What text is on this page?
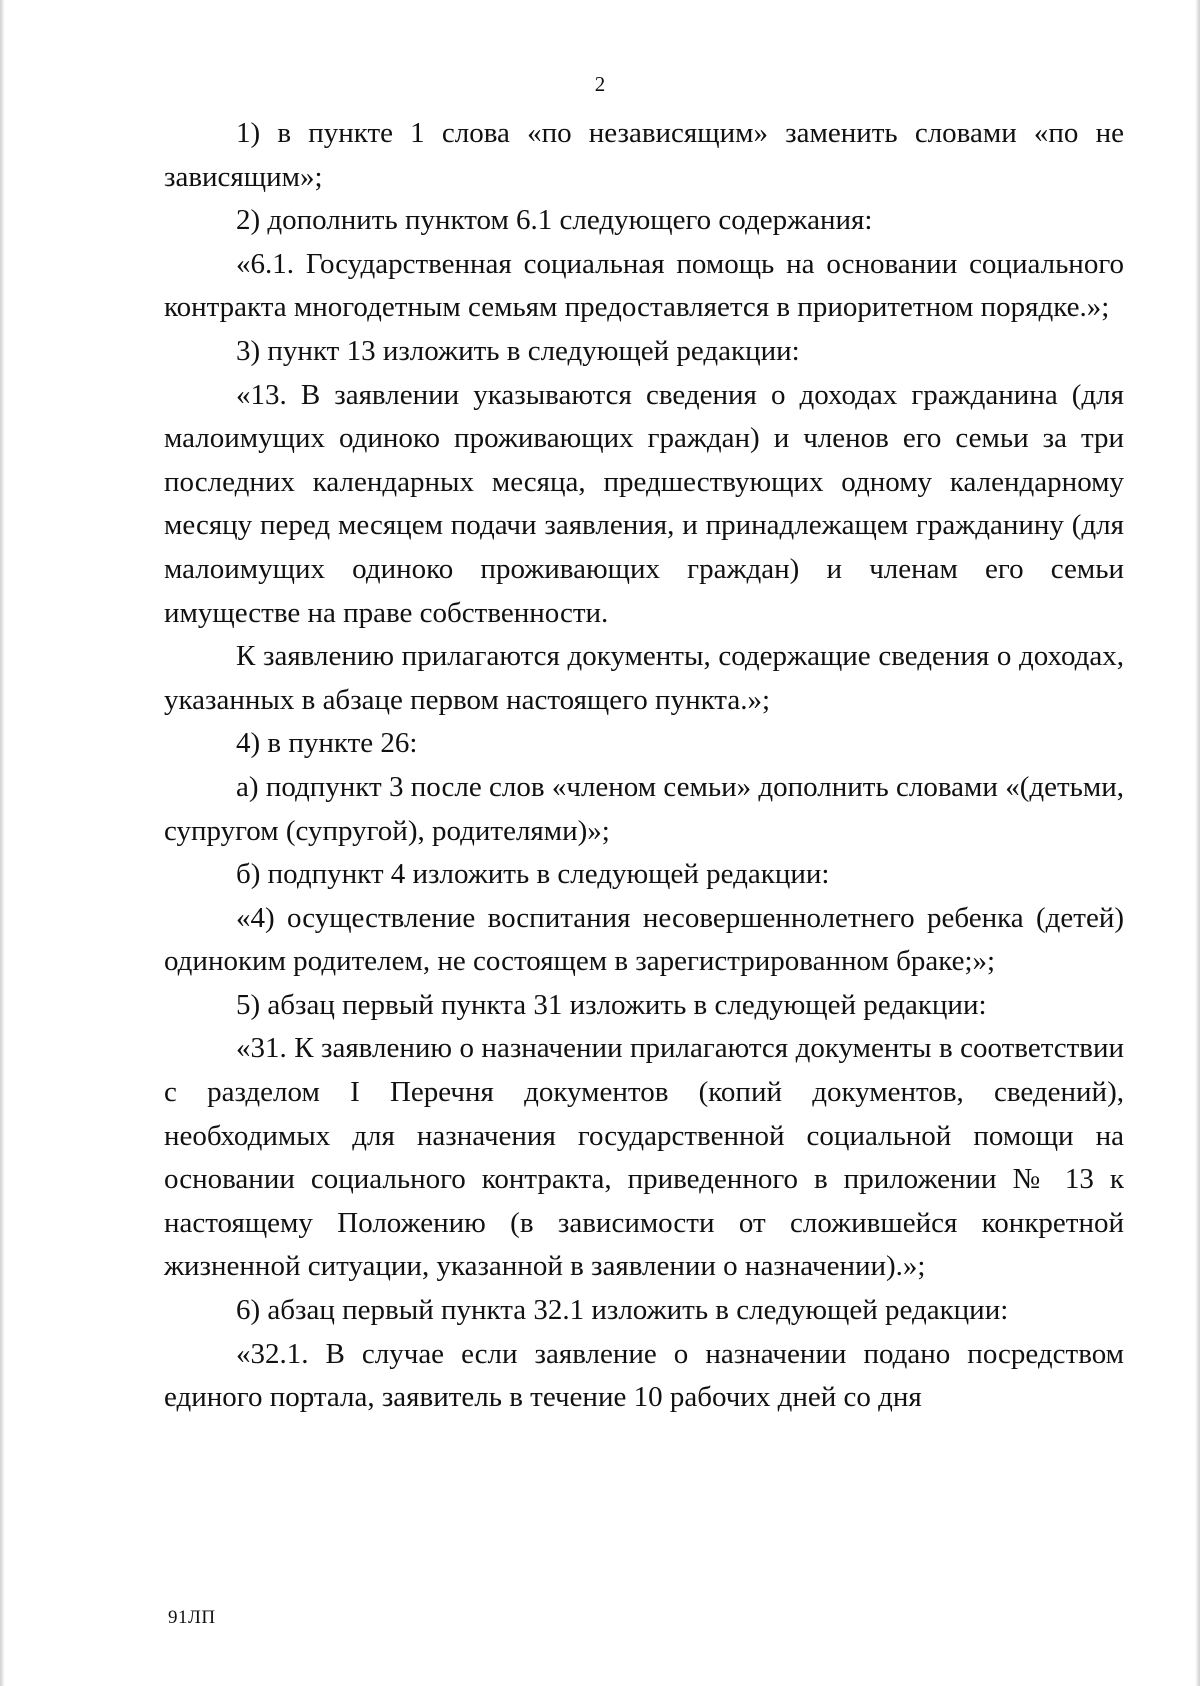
2

1) в пункте 1 слова «по независящим» заменить словами «по не зависящим»;

2) дополнить пунктом 6.1 следующего содержания:

«6.1. Государственная социальная помощь на основании социального контракта многодетным семьям предоставляется в приоритетном порядке.»;

3) пункт 13 изложить в следующей редакции:

«13. В заявлении указываются сведения о доходах гражданина (для малоимущих одиноко проживающих граждан) и членов его семьи за три последних календарных месяца, предшествующих одному календарному месяцу перед месяцем подачи заявления, и принадлежащем гражданину (для малоимущих одиноко проживающих граждан) и членам его семьи имуществе на праве собственности.

К заявлению прилагаются документы, содержащие сведения о доходах, указанных в абзаце первом настоящего пункта.»;

4) в пункте 26:

а) подпункт 3 после слов «членом семьи» дополнить словами «(детьми, супругом (супругой), родителями)»;

б) подпункт 4 изложить в следующей редакции:

«4) осуществление воспитания несовершеннолетнего ребенка (детей) одиноким родителем, не состоящем в зарегистрированном браке;»;

5) абзац первый пункта 31 изложить в следующей редакции:

«31. К заявлению о назначении прилагаются документы в соответствии с разделом I Перечня документов (копий документов, сведений), необходимых для назначения государственной социальной помощи на основании социального контракта, приведенного в приложении № 13 к настоящему Положению (в зависимости от сложившейся конкретной жизненной ситуации, указанной в заявлении о назначении).»;

6) абзац первый пункта 32.1 изложить в следующей редакции:

«32.1. В случае если заявление о назначении подано посредством единого портала, заявитель в течение 10 рабочих дней со дня

91ЛП
